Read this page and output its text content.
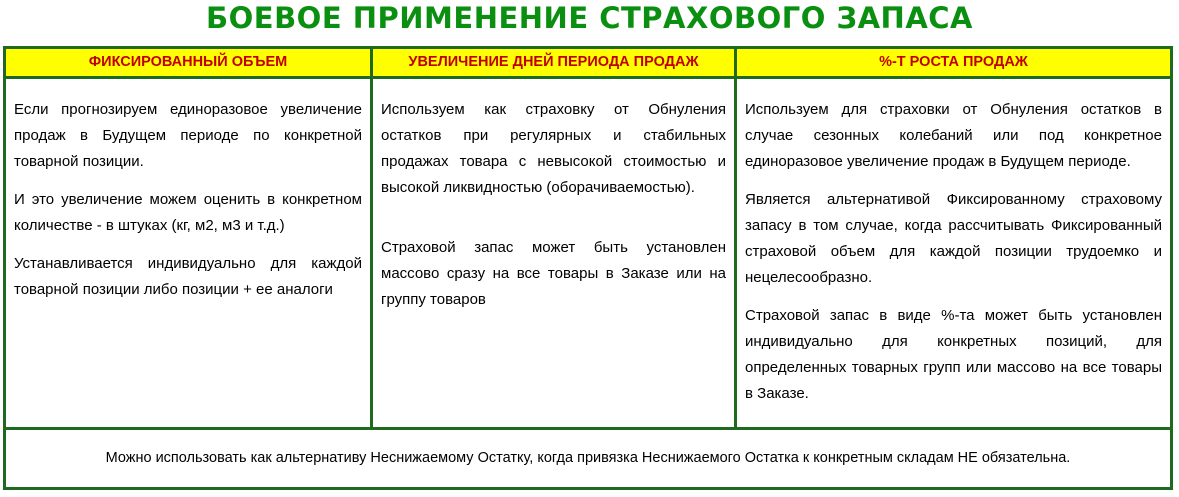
БОЕВОЕ ПРИМЕНЕНИЕ СТРАХОВОГО ЗАПАСА
ФИКСИРОВАННЫЙ ОБЪЕМ	УВЕЛИЧЕНИЕ ДНЕЙ ПЕРИОДА ПРОДАЖ	%-Т РОСТА ПРОДАЖ

Если прогнозируем единоразовое увеличение продаж в Будущем периоде по конкретной товарной позиции.

И это увеличение можем оценить в конкретном количестве - в штуках (кг, м2, м3 и т.д.)

Устанавливается индивидуально для каждой товарной позиции либо позиции + ее аналоги

Используем как страховку от Обнуления остатков при регулярных и стабильных продажах товара с невысокой стоимостью и высокой ликвидностью (оборачиваемостью).

Страховой запас может быть установлен массово сразу на все товары в Заказе или на группу товаров

Используем для страховки от Обнуления остатков в случае сезонных колебаний или под конкретное единоразовое увеличение продаж в Будущем периоде.

Является альтернативой Фиксированному страховому запасу в том случае, когда рассчитывать Фиксированный страховой объем для каждой позиции трудоемко и нецелесообразно.

Страховой запас в виде %-та может быть установлен индивидуально для конкретных позиций, для определенных товарных групп или массово на все товары в Заказе.

Можно использовать как альтернативу Неснижаемому Остатку, когда привязка Неснижаемого Остатка к конкретным складам НЕ обязательна.
